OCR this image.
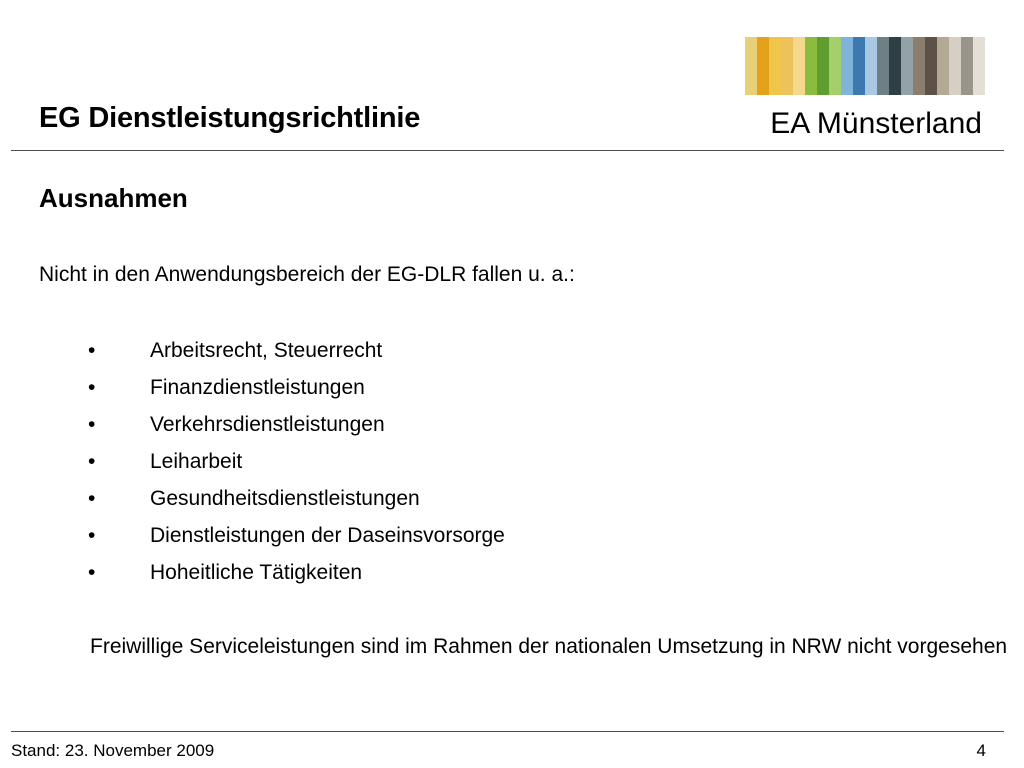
EG Dienstleistungsrichtlinie	EA Münsterland
Ausnahmen
Nicht in den Anwendungsbereich der EG-DLR fallen u. a.:
•	Arbeitsrecht, Steuerrecht
•	Finanzdienstleistungen
•	Verkehrsdienstleistungen
•	Leiharbeit
•	Gesundheitsdienstleistungen
•	Dienstleistungen der Daseinsvorsorge
•	Hoheitliche Tätigkeiten
Freiwillige Serviceleistungen sind im Rahmen der nationalen Umsetzung in NRW nicht vorgesehen
Stand: 23. November 2009	4
